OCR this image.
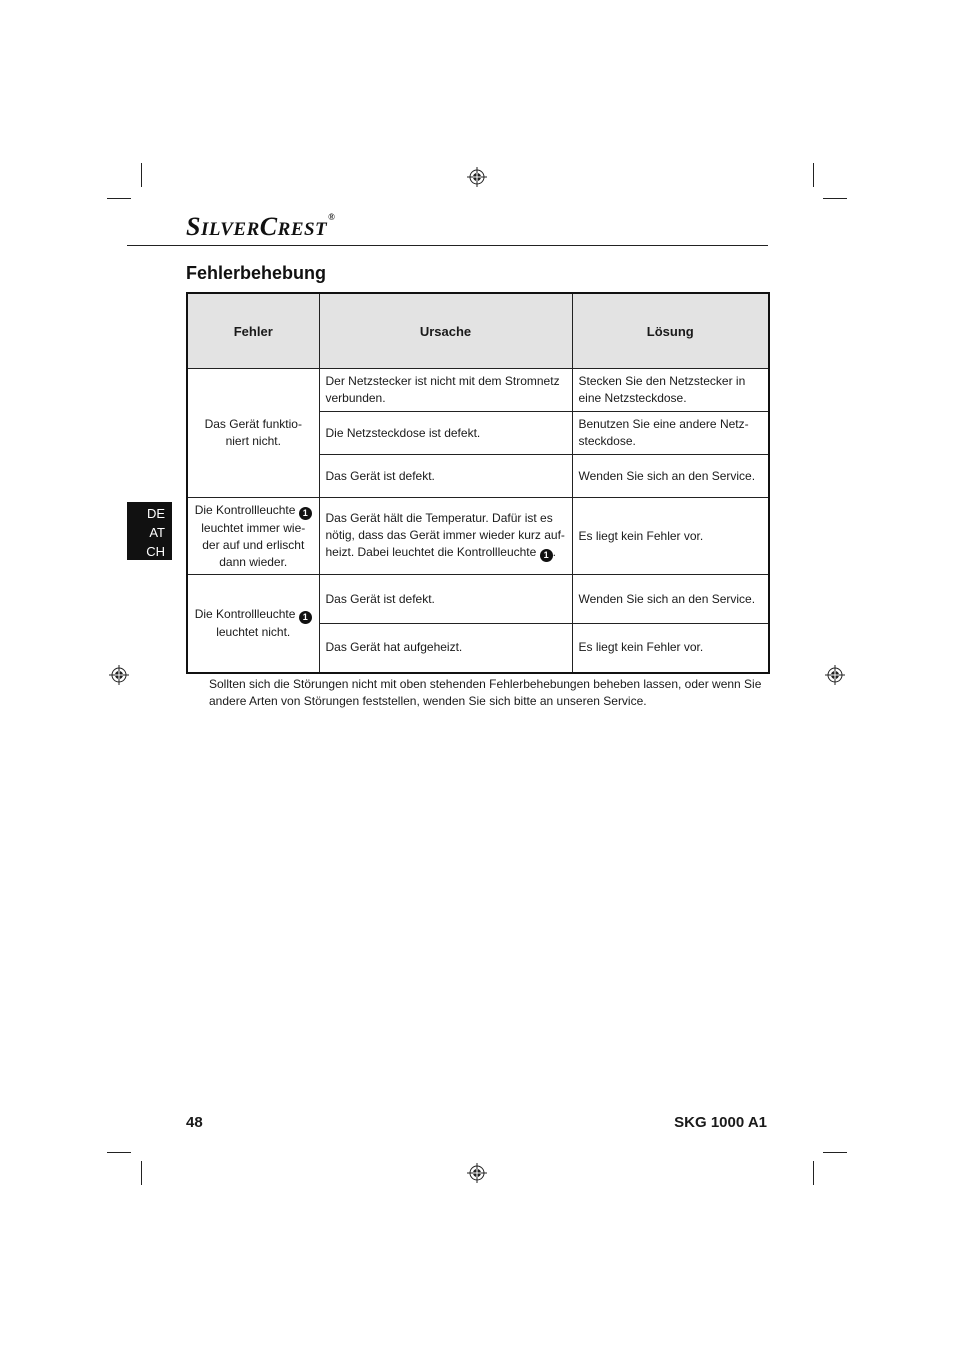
SILVERCREST®
Fehlerbehebung
DE
AT
CH
Fehler	Ursache	Lösung
Das Gerät funktio-
niert nicht.	Der Netzstecker ist nicht mit dem Stromnetz verbunden.	Stecken Sie den Netzstecker in eine Netzsteckdose.
	Die Netzsteckdose ist defekt.	Benutzen Sie eine andere Netz-steckdose.
	Das Gerät ist defekt.	Wenden Sie sich an den Service.
Die Kontrollleuchte 1 leuchtet immer wie-der auf und erlischt dann wieder.	Das Gerät hält die Temperatur. Dafür ist es nötig, dass das Gerät immer wieder kurz auf-heizt. Dabei leuchtet die Kontrollleuchte 1 .	Es liegt kein Fehler vor.
Die Kontrollleuchte 1
leuchtet nicht.	Das Gerät ist defekt.	Wenden Sie sich an den Service.
	Das Gerät hat aufgeheizt.	Es liegt kein Fehler vor.

Sollten sich die Störungen nicht mit oben stehenden Fehlerbehebungen beheben lassen, oder wenn Sie andere Arten von Störungen feststellen, wenden Sie sich bitte an unseren Service.

48	SKG 1000 A1
